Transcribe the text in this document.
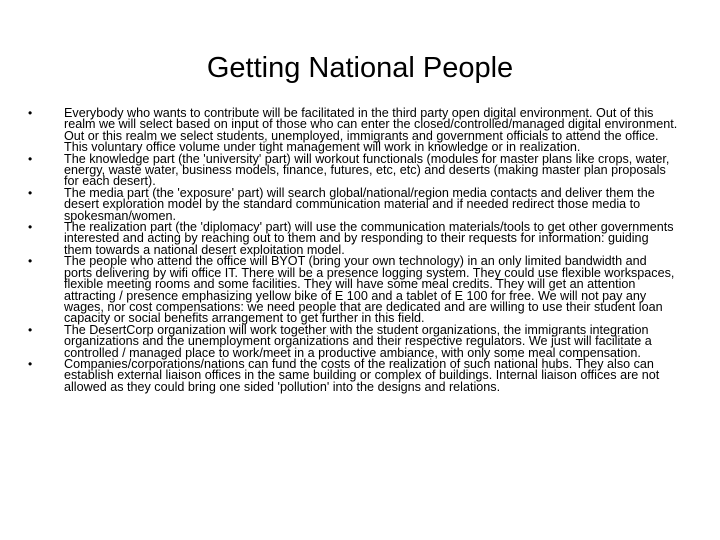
Getting National People
•	Everybody who wants to contribute will be facilitated in the third party open digital environment. Out of this realm we will select based on input of those who can enter the closed/controlled/managed digital environment. Out or this realm we select students, unemployed, immigrants and government officials to attend the office. This voluntary office volume under tight management will work in knowledge or in realization.
•	The knowledge part (the 'university' part) will workout functionals (modules for master plans like crops, water, energy, waste water, business models, finance, futures, etc, etc) and deserts (making master plan proposals for each desert).
•	The media part (the 'exposure' part) will search global/national/region media contacts and deliver them the desert exploration model by the standard communication material and if needed redirect those media to spokesman/women.
•	The realization part (the 'diplomacy' part) will use the communication materials/tools to get other governments interested and acting by reaching out to them and by responding to their requests for information: guiding them towards a national desert exploitation model.
•	The people who attend the office will BYOT (bring your own technology) in an only limited bandwidth and ports delivering by wifi office IT. There will be a presence logging system. They could use flexible workspaces, flexible meeting rooms and some facilities. They will have some meal credits. They will get an attention attracting / presence emphasizing yellow bike of E 100 and a tablet of E 100 for free. We will not pay any wages, nor cost compensations: we need people that are dedicated and are willing to use their student loan capacity or social benefits arrangement to get further in this field.
•	The DesertCorp organization will work together with the student organizations, the immigrants integration organizations and the unemployment organizations and their respective regulators. We just will facilitate a controlled / managed place to work/meet in a productive ambiance, with only some meal compensation.
•	Companies/corporations/nations can fund the costs of the realization of such national hubs. They also can establish external liaison offices in the same building or complex of buildings. Internal liaison offices are not allowed as they could bring one sided 'pollution' into the designs and relations.
